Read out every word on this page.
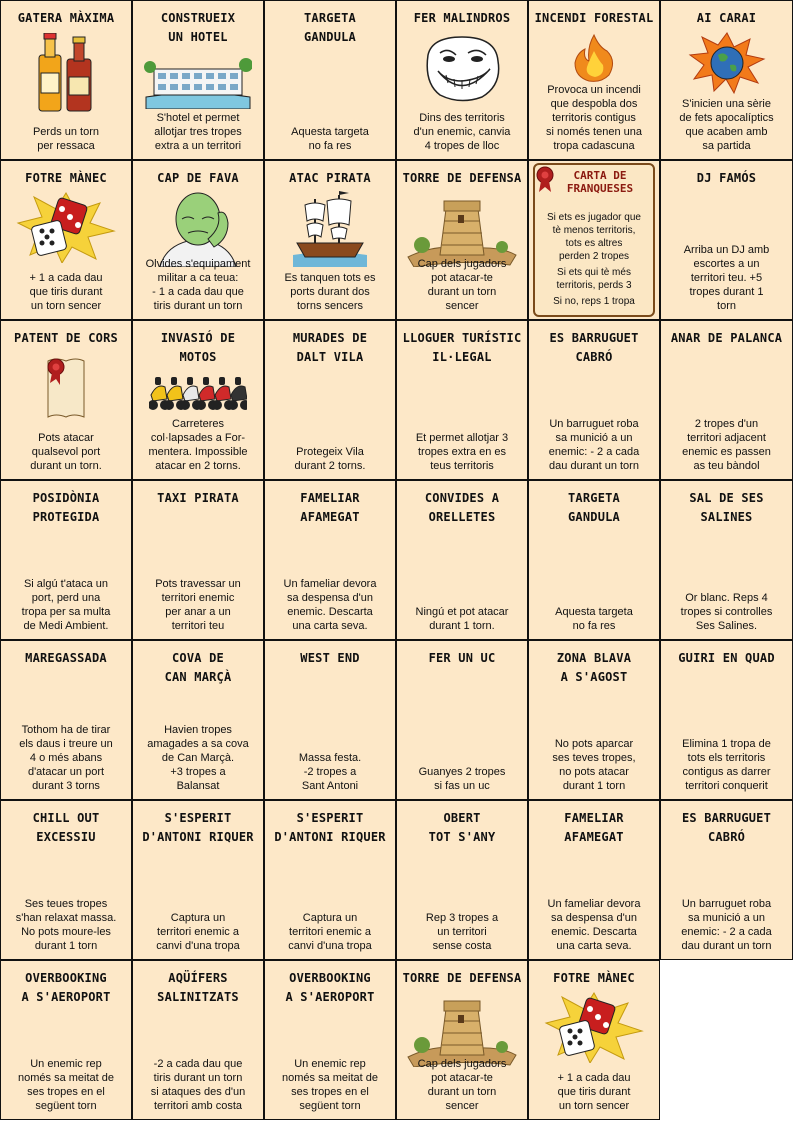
GATERA MÀXIMA
Perds un torn
per ressaca
CONSTRUEIX
UN HOTEL
S'hotel et permet
allotjar tres tropes
extra a un territori
TARGETA
GANDULA
Aquesta targeta
no fa res
FER MALINDROS
Dins des territoris
d'un enemic, canvia
4 tropes de lloc
INCENDI FORESTAL
Provoca un incendi
que despobla dos
territoris contigus
si només tenen una
tropa cadascuna
AI CARAI
S'inicien una sèrie
de fets apocalíptics
que acaben amb
sa partida
FOTRE MÀNEC
+ 1 a cada dau
que tiris durant
un torn sencer
CAP DE FAVA
Olvides s'equipament
militar a ca teua:
- 1 a cada dau que
tiris durant un torn
ATAC PIRATA
Es tanquen tots es
ports durant dos
torns sencers
TORRE DE DEFENSA
Cap dels jugadors
pot atacar-te
durant un torn
sencer
CARTA DE
FRANQUESES
Si ets es jugador que
tè menos territoris,
tots es altres
perden 2 tropes
Si ets qui tè més
territoris, perds 3
Si no, reps 1 tropa
DJ FAMÓS
Arriba un DJ amb
escortes a un
territori teu. +5
tropes durant 1
torn
PATENT DE CORS
Pots atacar
qualsevol port
durant un torn.
INVASIÓ DE
MOTOS
Carreteres
col·lapsades a For-
mentera. Impossible
atacar en 2 torns.
MURADES DE
DALT VILA
Protegeix Vila
durant 2 torns.
LLOGUER TURÍSTIC
IL·LEGAL
Et permet allotjar 3
tropes extra en es
teus territoris
ES BARRUGUET
CABRÓ
Un barruguet roba
sa munició a un
enemic: - 2 a cada
dau durant un torn
ANAR DE PALANCA
2 tropes d'un
territori adjacent
enemic es passen
as teu bàndol
POSIDÒNIA
PROTEGIDA
Si algú t'ataca un
port, perd una
tropa per sa multa
de Medi Ambient.
TAXI PIRATA
Pots travessar un
territori enemic
per anar a un
territori teu
FAMELIAR
AFAMEGAT
Un fameliar devora
sa despensa d'un
enemic. Descarta
una carta seva.
CONVIDES A
ORELLETES
Ningú et pot atacar
durant 1 torn.
TARGETA
GANDULA
Aquesta targeta
no fa res
SAL DE SES SALINES
Or blanc. Reps 4
tropes si controlles
Ses Salines.
MAREGASSADA
Tothom ha de tirar
els daus i treure un
4 o més abans
d'atacar un port
durant 3 torns
COVA DE
CAN MARÇÀ
Havien tropes
amagades a sa cova
de Can Marçà.
+3 tropes a
Balansat
WEST END
Massa festa.
-2 tropes a
Sant Antoni
FER UN UC
Guanyes 2 tropes
si fas un uc
ZONA BLAVA
A S'AGOST
No pots aparcar
ses teves tropes,
no pots atacar
durant 1 torn
GUIRI EN QUAD
Elimina 1 tropa de
tots els territoris
contigus as darrer
territori conquerit
CHILL OUT
EXCESSIU
Ses teues tropes
s'han relaxat massa.
No pots moure-les
durant 1 torn
S'ESPERIT
D'ANTONI RIQUER
Captura un
territori enemic a
canvi d'una tropa
S'ESPERIT
D'ANTONI RIQUER
Captura un
territori enemic a
canvi d'una tropa
OBERT
TOT S'ANY
Rep 3 tropes a
un territori
sense costa
FAMELIAR
AFAMEGAT
Un fameliar devora
sa despensa d'un
enemic. Descarta
una carta seva.
ES BARRUGUET
CABRÓ
Un barruguet roba
sa munició a un
enemic: - 2 a cada
dau durant un torn
OVERBOOKING
A S'AEROPORT
Un enemic rep
només sa meitat de
ses tropes en el
següent torn
AQÜÍFERS
SALINITZATS
-2 a cada dau que
tiris durant un torn
si ataques des d'un
territori amb costa
OVERBOOKING
A S'AEROPORT
Un enemic rep
només sa meitat de
ses tropes en el
següent torn
TORRE DE DEFENSA
Cap dels jugadors
pot atacar-te
durant un torn
sencer
FOTRE MÀNEC
+ 1 a cada dau
que tiris durant
un torn sencer
